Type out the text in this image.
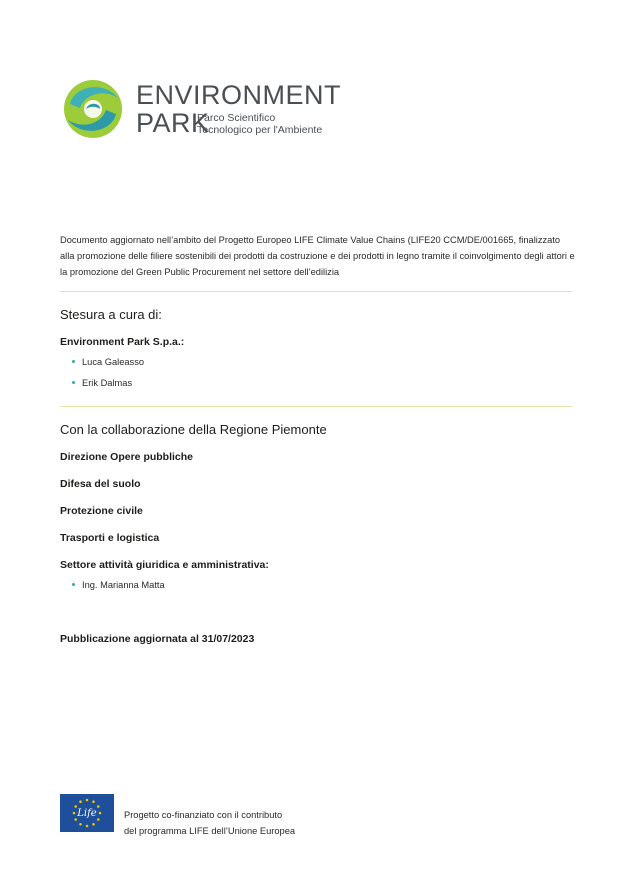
ENVIRONMENT
PARK
Parco Scientifico
Tecnologico per l'Ambiente
Documento aggiornato nell’ambito del Progetto Europeo LIFE Climate Value Chains (LIFE20 CCM/DE/001665, finalizzato alla promozione delle filiere sostenibili dei prodotti da costruzione e dei prodotti in legno tramite il coinvolgimento degli attori e la promozione del Green Public Procurement nel settore dell’edilizia
Stesura a cura di:
Environment Park S.p.a.:
Luca Galeasso
Erik Dalmas
Con la collaborazione della Regione Piemonte
Direzione Opere pubbliche
Difesa del suolo
Protezione civile
Trasporti e logistica
Settore attività giuridica e amministrativa:
Ing. Marianna Matta
Pubblicazione aggiornata al 31/07/2023
Life	Progetto co-finanziato con il contributo
del programma LIFE dell’Unione Europea
